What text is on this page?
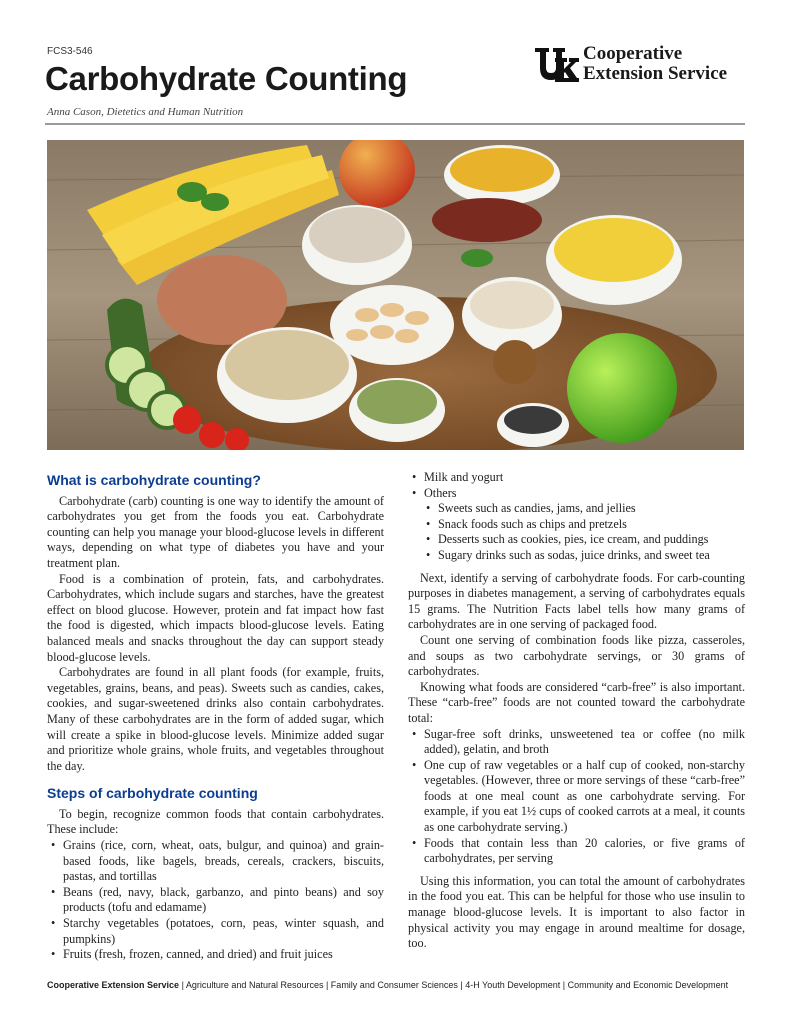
FCS3-546
Carbohydrate Counting
Anna Cason, Dietetics and Human Nutrition
Cooperative
Extension Service
What is carbohydrate counting?

Carbohydrate (carb) counting is one way to identify the amount of carbohydrates you get from the foods you eat. Carbohydrate counting can help you manage your blood-glucose levels in different ways, depending on what type of diabetes you have and your treatment plan.

Food is a combination of protein, fats, and carbohydrates. Carbohydrates, which include sugars and starches, have the greatest effect on blood glucose. However, protein and fat impact how fast the food is digested, which impacts blood-glucose levels. Eating balanced meals and snacks throughout the day can support steady blood-glucose levels.

Carbohydrates are found in all plant foods (for example, fruits, vegetables, grains, beans, and peas). Sweets such as candies, cakes, cookies, and sugar-sweetened drinks also contain carbohydrates. Many of these carbohydrates are in the form of added sugar, which will create a spike in blood-glucose levels. Minimize added sugar and prioritize whole grains, whole fruits, and vegetables throughout the day.

Steps of carbohydrate counting

To begin, recognize common foods that contain carbohydrates. These include:

• Grains (rice, corn, wheat, oats, bulgur, and quinoa) and grain-based foods, like bagels, breads, cereals, crackers, biscuits, pastas, and tortillas
• Beans (red, navy, black, garbanzo, and pinto beans) and soy products (tofu and edamame)
• Starchy vegetables (potatoes, corn, peas, winter squash, and pumpkins)
• Fruits (fresh, frozen, canned, and dried) and fruit juices
• Milk and yogurt
• Others
• Sweets such as candies, jams, and jellies
• Snack foods such as chips and pretzels
• Desserts such as cookies, pies, ice cream, and puddings
• Sugary drinks such as sodas, juice drinks, and sweet tea

Next, identify a serving of carbohydrate foods. For carb-counting purposes in diabetes management, a serving of carbohydrates equals 15 grams. The Nutrition Facts label tells how many grams of carbohydrates are in one serving of packaged food.

Count one serving of combination foods like pizza, casseroles, and soups as two carbohydrate servings, or 30 grams of carbohydrates.

Knowing what foods are considered “carb-free” is also important. These “carb-free” foods are not counted toward the carbohydrate total:

• Sugar-free soft drinks, unsweetened tea or coffee (no milk added), gelatin, and broth
• One cup of raw vegetables or a half cup of cooked, non-starchy vegetables. (However, three or more servings of these “carb-free” foods at one meal count as one carbohydrate serving. For example, if you eat 1½ cups of cooked carrots at a meal, it counts as one carbohydrate serving.)
• Foods that contain less than 20 calories, or five grams of carbohydrates, per serving

Using this information, you can total the amount of carbohydrates in the food you eat. This can be helpful for those who use insulin to manage blood-glucose levels. It is important to also factor in physical activity you may engage in around mealtime for dosage, too.

Cooperative Extension Service | Agriculture and Natural Resources | Family and Consumer Sciences | 4-H Youth Development | Community and Economic Development
